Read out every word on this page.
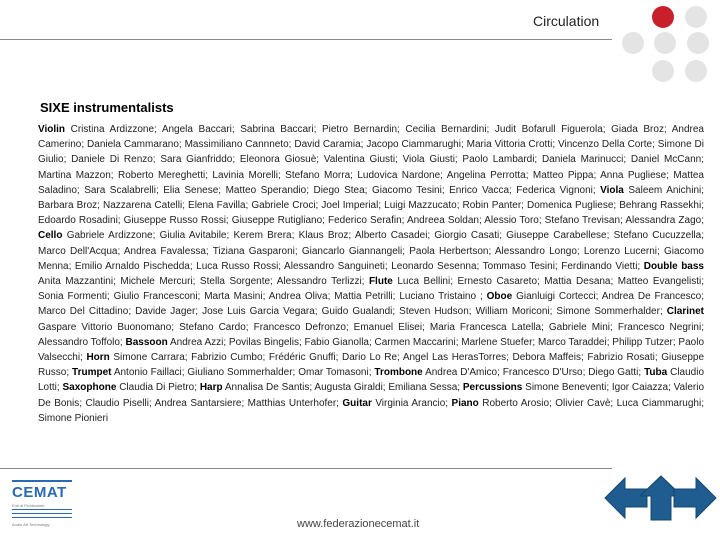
Circulation
SIXE instrumentalists

Violin Cristina Ardizzone; Angela Baccari; Sabrina Baccari; Pietro Bernardin; Cecilia Bernardini; Judit Bofarull Figuerola; Giada Broz; Andrea Camerino; Daniela Cammarano; Massimiliano Cannneto; David Caramia; Jacopo Ciammarughi; Maria Vittoria Crotti; Vincenzo Della Corte; Simone Di Giulio; Daniele Di Renzo; Sara Gianfriddo; Eleonora Giosuè; Valentina Giusti; Viola Giusti; Paolo Lambardi; Daniela Marinucci; Daniel McCann; Martina Mazzon; Roberto Mereghetti; Lavinia Morelli; Stefano Morra; Ludovica Nardone; Angelina Perrotta; Matteo Pippa; Anna Pugliese; Mattea Saladino; Sara Scalabrelli; Elia Senese; Matteo Sperandio; Diego Stea; Giacomo Tesini; Enrico Vacca; Federica Vignoni; Viola Saleem Anichini; Barbara Broz; Nazzarena Catelli; Elena Favilla; Gabriele Croci; Joel Imperial; Luigi Mazzucato; Robin Panter; Domenica Pugliese; Behrang Rassekhi; Edoardo Rosadini; Giuseppe Russo Rossi; Giuseppe Rutigliano; Federico Serafin; Andreea Soldan; Alessio Toro; Stefano Trevisan; Alessandra Zago; Cello Gabriele Ardizzone; Giulia Avitabile; Kerem Brera; Klaus Broz; Alberto Casadei; Giorgio Casati; Giuseppe Carabellese; Stefano Cucuzzella; Marco Dell'Acqua; Andrea Favalessa; Tiziana Gasparoni; Giancarlo Giannangeli; Paola Herbertson; Alessandro Longo; Lorenzo Lucerni; Giacomo Menna; Emilio Arnaldo Pischedda; Luca Russo Rossi; Alessandro Sanguineti; Leonardo Sesenna; Tommaso Tesini; Ferdinando Vietti; Double bass Anita Mazzantini; Michele Mercuri; Stella Sorgente; Alessandro Terlizzi; Flute Luca Bellini; Ernesto Casareto; Mattia Desana; Matteo Evangelisti; Sonia Formenti; Giulio Francesconi; Marta Masini; Andrea Oliva; Mattia Petrilli; Luciano Tristaino ; Oboe Gianluigi Cortecci; Andrea De Francesco; Marco Del Cittadino; Davide Jager; Jose Luis Garcia Vegara; Guido Gualandi; Steven Hudson; William Moriconi; Simone Sommerhalder; Clarinet Gaspare Vittorio Buonomano; Stefano Cardo; Francesco Defronzo; Emanuel Elisei; Maria Francesca Latella; Gabriele Mini; Francesco Negrini; Alessandro Toffolo; Bassoon Andrea Azzi; Povilas Bingelis; Fabio Gianolla; Carmen Maccarini; Marlene Stuefer; Marco Taraddei; Philipp Tutzer; Paolo Valsecchi; Horn Simone Carrara; Fabrizio Cumbo; Frédéric Gnuffi; Dario Lo Re; Angel Las HerasTorres; Debora Maffeis; Fabrizio Rosati; Giuseppe Russo; Trumpet Antonio Faillaci; Giuliano Sommerhalder; Omar Tomasoni; Trombone Andrea D'Amico; Francesco D'Urso; Diego Gatti; Tuba Claudio Lotti; Saxophone Claudia Di Pietro; Harp Annalisa De Santis; Augusta Giraldi; Emiliana Sessa; Percussions Simone Beneventi; Igor Caiazza; Valerio De Bonis; Claudio Piselli; Andrea Santarsiere; Matthias Unterhofer; Guitar Virginia Arancio; Piano Roberto Arosio; Olivier Cavè; Luca Ciammarughi; Simone Pionieri

CEMAT
Enti di Produzione
Audio Art Technology	www.federazionecemat.it
